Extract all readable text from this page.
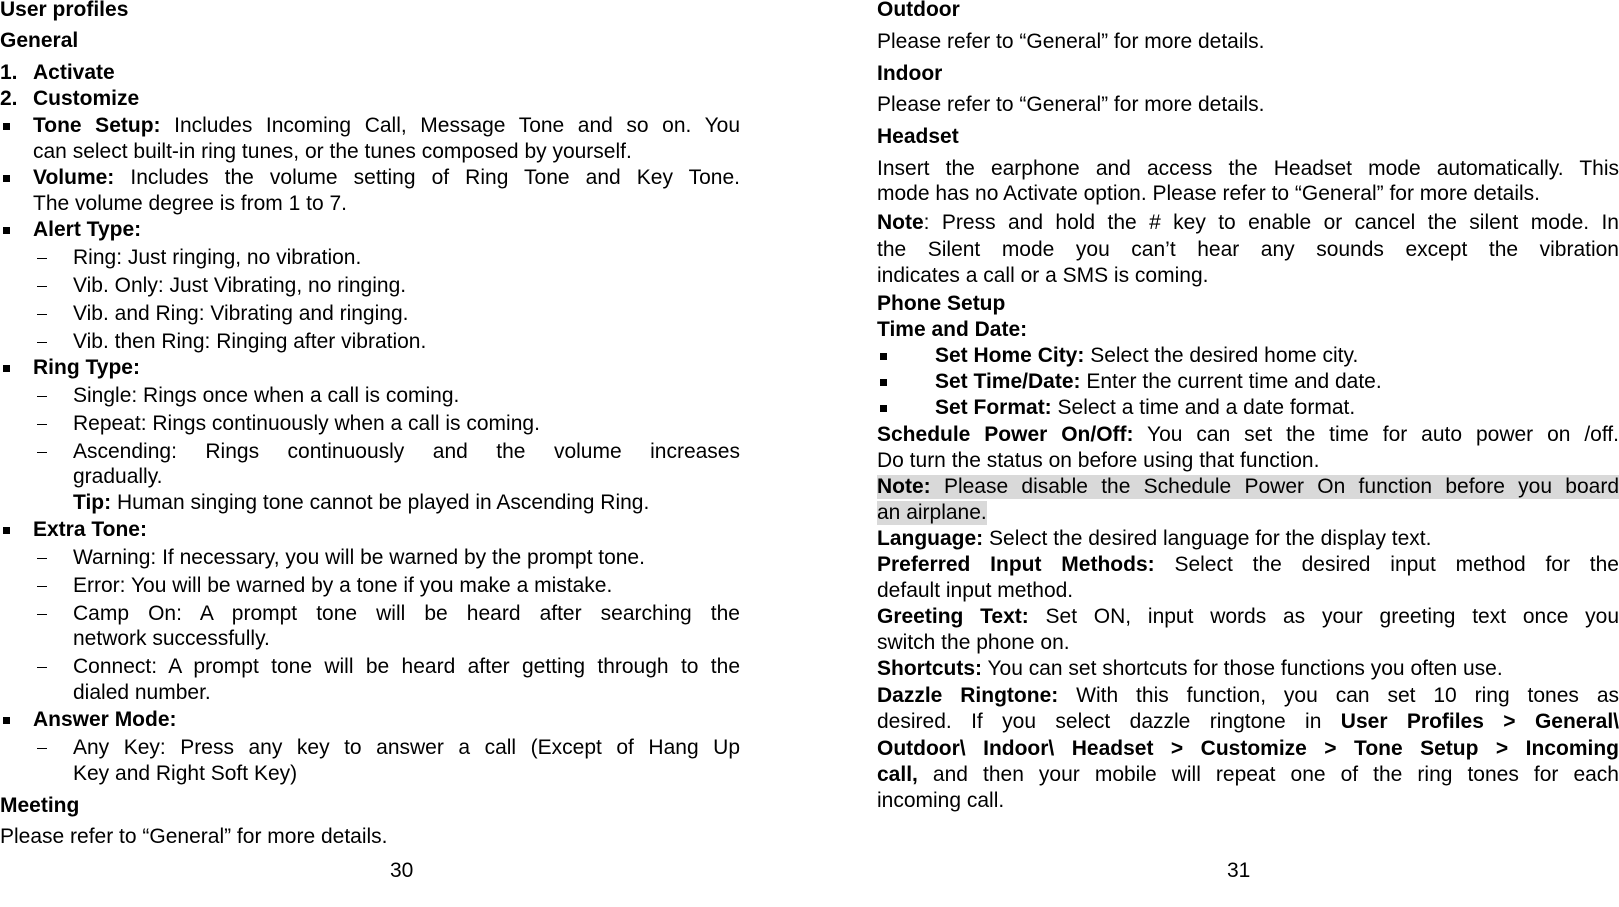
User profiles
General
1. Activate
2. Customize
Tone Setup: Includes Incoming Call, Message Tone and so on. You
can select built-in ring tunes, or the tunes composed by yourself.
Volume: Includes the volume setting of Ring Tone and Key Tone.
The volume degree is from 1 to 7.
Alert Type:
Ring: Just ringing, no vibration.
Vib. Only: Just Vibrating, no ringing.
Vib. and Ring: Vibrating and ringing.
Vib. then Ring: Ringing after vibration.
Ring Type:
Single: Rings once when a call is coming.
Repeat: Rings continuously when a call is coming.
Ascending: Rings continuously and the volume increases
gradually.
Tip: Human singing tone cannot be played in Ascending Ring.
Extra Tone:
Warning: If necessary, you will be warned by the prompt tone.
Error: You will be warned by a tone if you make a mistake.
Camp On: A prompt tone will be heard after searching the
network successfully.
Connect: A prompt tone will be heard after getting through to the
dialed number.
Answer Mode:
Any Key: Press any key to answer a call (Except of Hang Up
Key and Right Soft Key)
Meeting
Please refer to “General” for more details.
30
Outdoor
Please refer to “General” for more details.
Indoor
Please refer to “General” for more details.
Headset
Insert the earphone and access the Headset mode automatically. This
mode has no Activate option. Please refer to “General” for more details.
Note: Press and hold the # key to enable or cancel the silent mode. In
the Silent mode you can’t hear any sounds except the vibration
indicates a call or a SMS is coming.
Phone Setup
Time and Date:
Set Home City: Select the desired home city.
Set Time/Date: Enter the current time and date.
Set Format: Select a time and a date format.
Schedule Power On/Off: You can set the time for auto power on /off.
Do turn the status on before using that function.
Note: Please disable the Schedule Power On function before you board
an airplane.
Language: Select the desired language for the display text.
Preferred Input Methods: Select the desired input method for the
default input method.
Greeting Text: Set ON, input words as your greeting text once you
switch the phone on.
Shortcuts: You can set shortcuts for those functions you often use.
Dazzle Ringtone: With this function, you can set 10 ring tones as
desired. If you select dazzle ringtone in User Profiles > General\
Outdoor\ Indoor\ Headset > Customize > Tone Setup > Incoming
call, and then your mobile will repeat one of the ring tones for each
incoming call.
31
